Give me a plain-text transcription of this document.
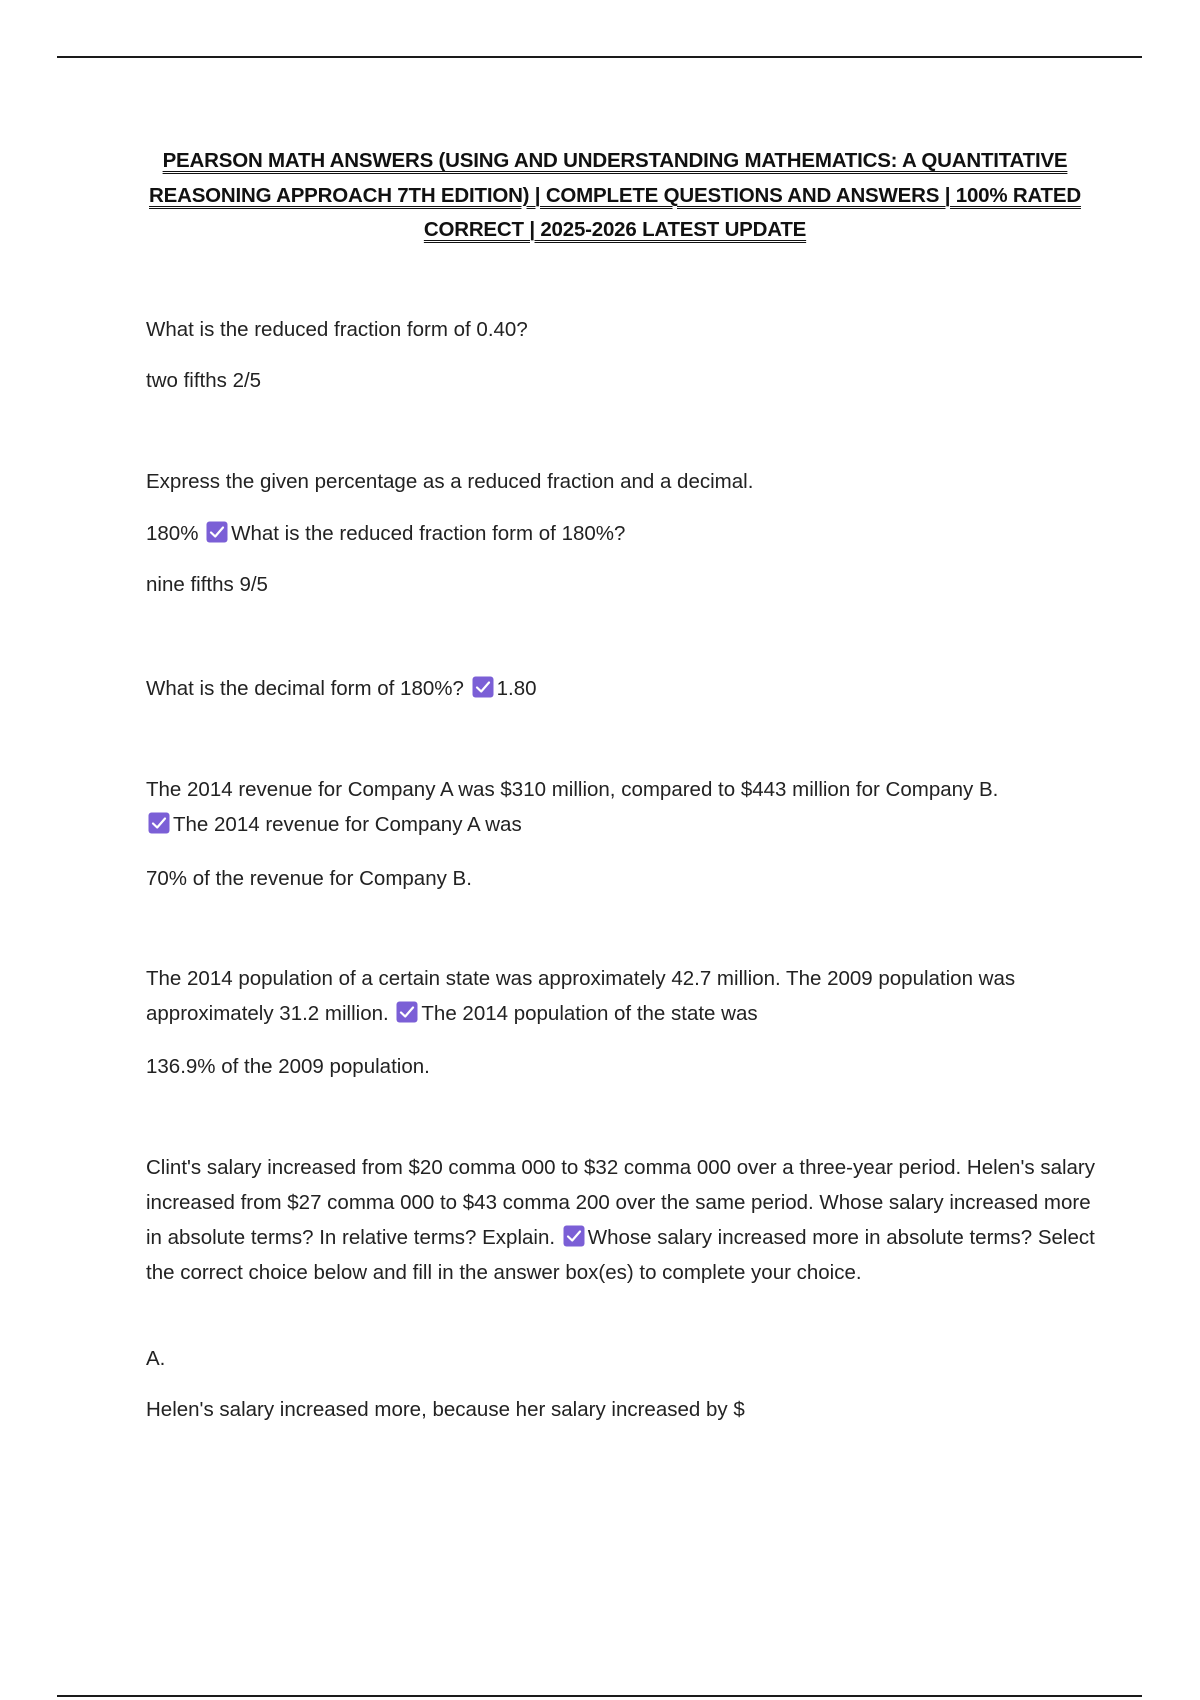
PEARSON MATH ANSWERS (USING AND UNDERSTANDING MATHEMATICS: A QUANTITATIVE REASONING APPROACH 7TH EDITION) | COMPLETE QUESTIONS AND ANSWERS | 100% RATED CORRECT | 2025-2026 LATEST UPDATE

What is the reduced fraction form of 0.40?

two fifths 2/5

Express the given percentage as a reduced fraction and a decimal.

180% What is the reduced fraction form of 180%?

nine fifths 9/5

What is the decimal form of 180%? 1.80

The 2014 revenue for Company A was $310 million, compared to $443 million for Company B.

The 2014 revenue for Company A was

70% of the revenue for Company B.

The 2014 population of a certain state was approximately 42.7 million. The 2009 population was approximately 31.2 million. The 2014 population of the state was

136.9% of the 2009 population.

Clint's salary increased from $20 comma 000 to $32 comma 000 over a three-year period. Helen's salary increased from $27 comma 000 to $43 comma 200 over the same period. Whose salary increased more in absolute terms? In relative terms? Explain. Whose salary increased more in absolute terms? Select the correct choice below and fill in the answer box(es) to complete your choice.

A.

Helen's salary increased more, because her salary increased by $
